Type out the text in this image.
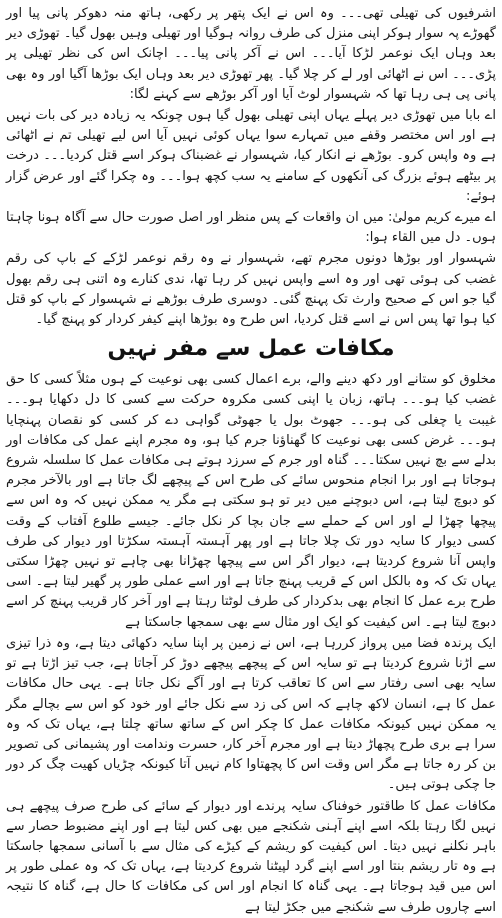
اشرفیوں کی تھیلی تھی۔۔۔ وہ اس نے ایک پتھر پر رکھی، ہاتھ منہ دھوکر پانی پیا اور گھوڑے پہ سوار ہوکر اپنی منزل کی طرف روانہ ہوگیا اور تھیلی وہیں بھول گیا۔ تھوڑی دیر بعد وہاں ایک نوعمر لڑکا آیا۔۔۔ اس نے آکر پانی پیا۔۔۔ اچانک اس کی نظر تھیلی پر پڑی۔۔۔ اس نے اٹھائی اور لے کر چلا گیا۔ پھر تھوڑی دیر بعد وہاں ایک بوڑھا آگیا اور وہ بھی پانی پی ہی رہا تھا کہ شہسوار لوٹ آیا اور آکر بوڑھے سے کہنے لگا:

اے بابا میں تھوڑی دیر پہلے یہاں اپنی تھیلی بھول گیا ہوں چونکہ یہ زیادہ دیر کی بات نہیں ہے اور اس مختصر وقفے میں تمہارے سوا یہاں کوئی نہیں آیا اس لیے تھیلی تم نے اٹھائی ہے وہ واپس کرو۔ بوڑھے نے انکار کیا، شہسوار نے غضبناک ہوکر اسے قتل کردیا۔۔۔ درخت پر بیٹھے ہوئے بزرگ کی آنکھوں کے سامنے یہ سب کچھ ہوا۔۔۔ وہ چکرا گئے اور عرض گزار ہوئے:

اے میرے کریم مولیٰ: میں ان واقعات کے پس منظر اور اصل صورت حال سے آگاہ ہونا چاہتا ہوں۔ دل میں القاء ہوا:

شہسوار اور بوڑھا دونوں مجرم تھے، شہسوار نے وہ رقم نوعمر لڑکے کے باپ کی رقم غضب کی ہوئی تھی اور وہ اسے واپس نہیں کر رہا تھا، ندی کنارے وہ اتنی ہی رقم بھول گیا جو اس کے صحیح وارث تک پہنچ گئی۔ دوسری طرف بوڑھے نے شہسوار کے باپ کو قتل کیا ہوا تھا پس اس نے اسے قتل کردیا، اس طرح وہ بوڑھا اپنے کیفر کردار کو پہنچ گیا۔

مکافات عمل سے مفر نہیں

مخلوق کو ستانے اور دکھ دینے والے، برے اعمال کسی بھی نوعیت کے ہوں مثلاً کسی کا حق غضب کیا ہو۔۔۔ ہاتھ، زبان یا اپنی کسی مکروہ حرکت سے کسی کا دل دکھایا ہو۔۔۔ غیبت یا چغلی کی ہو۔۔۔ جھوٹ بول یا جھوٹی گواہی دے کر کسی کو نقصان پہنچایا ہو۔۔۔ غرض کسی بھی نوعیت کا گھناؤنا جرم کیا ہو، وہ مجرم اپنے عمل کی مکافات اور بدلے سے بچ نہیں سکتا۔۔۔ گناہ اور جرم کے سرزد ہوتے ہی مکافات عمل کا سلسلہ شروع ہوجاتا ہے اور برا انجام منحوس سائے کی طرح اس کے پیچھے لگ جاتا ہے اور بالآخر مجرم کو دبوچ لیتا ہے، اس دبوچنے میں دیر تو ہو سکتی ہے مگر یہ ممکن نہیں کہ وہ اس سے پیچھا چھڑا لے اور اس کے حملے سے جان بچا کر نکل جائے۔ جیسے طلوع آفتاب کے وقت کسی دیوار کا سایہ دور تک چلا جاتا ہے اور پھر آہستہ آہستہ سکڑتا اور دیوار کی طرف واپس آنا شروع کردیتا ہے، دیوار اگر اس سے پیچھا چھڑانا بھی چاہے تو نہیں چھڑا سکتی یہاں تک کہ وہ بالکل اس کے قریب پہنچ جاتا ہے اور اسے عملی طور پر گھیر لیتا ہے۔ اسی طرح برے عمل کا انجام بھی بدکردار کی طرف لوٹتا رہتا ہے اور آخر کار قریب پہنچ کر اسے دبوچ لیتا ہے۔ اس کیفیت کو ایک اور مثال سے بھی سمجھا جاسکتا ہے

ایک پرندہ فضا میں پرواز کررہا ہے، اس نے زمین پر اپنا سایہ دکھائی دیتا ہے، وہ ذرا تیزی سے اڑنا شروع کردیتا ہے تو سایہ اس کے پیچھے پیچھے دوڑ کر آجاتا ہے، جب تیز اڑتا ہے تو سایہ بھی اسی رفتار سے اس کا تعاقب کرتا ہے اور آگے نکل جاتا ہے۔ یہی حال مکافات عمل کا ہے، انسان لاکھ چاہے کہ اس کی زد سے نکل جائے اور خود کو اس سے بچالے مگر یہ ممکن نہیں کیونکہ مکافات عمل کا چکر اس کے ساتھ ساتھ چلتا ہے، یہاں تک کہ وہ سرا ہے بری طرح پچھاڑ دیتا ہے اور مجرم آخر کار، حسرت وندامت اور پشیمانی کی تصویر بن کر رہ جاتا ہے مگر اس وقت اس کا پچھتاوا کام نہیں آتا کیونکہ چڑیاں کھیت چگ کر دور جا چکی ہوتی ہیں۔

مکافات عمل کا طاقتور خوفناک سایہ پرندے اور دیوار کے سائے کی طرح صرف پیچھے ہی نہیں لگا رہتا بلکہ اسے اپنے آہنی شکنجے میں بھی کس لیتا ہے اور اپنے مضبوط حصار سے باہر نکلنے نہیں دیتا۔ اس کیفیت کو ریشم کے کیڑے کی مثال سے با آسانی سمجھا جاسکتا ہے وہ تار ریشم بنتا اور اسے اپنے گرد لپیٹنا شروع کردیتا ہے، یہاں تک کہ وہ عملی طور پر اس میں قید ہوجاتا ہے۔ یہی گناہ کا انجام اور اس کی مکافات کا حال ہے، گناہ کا نتیجہ اسے چاروں طرف سے شکنجے میں جکڑ لیتا ہے
